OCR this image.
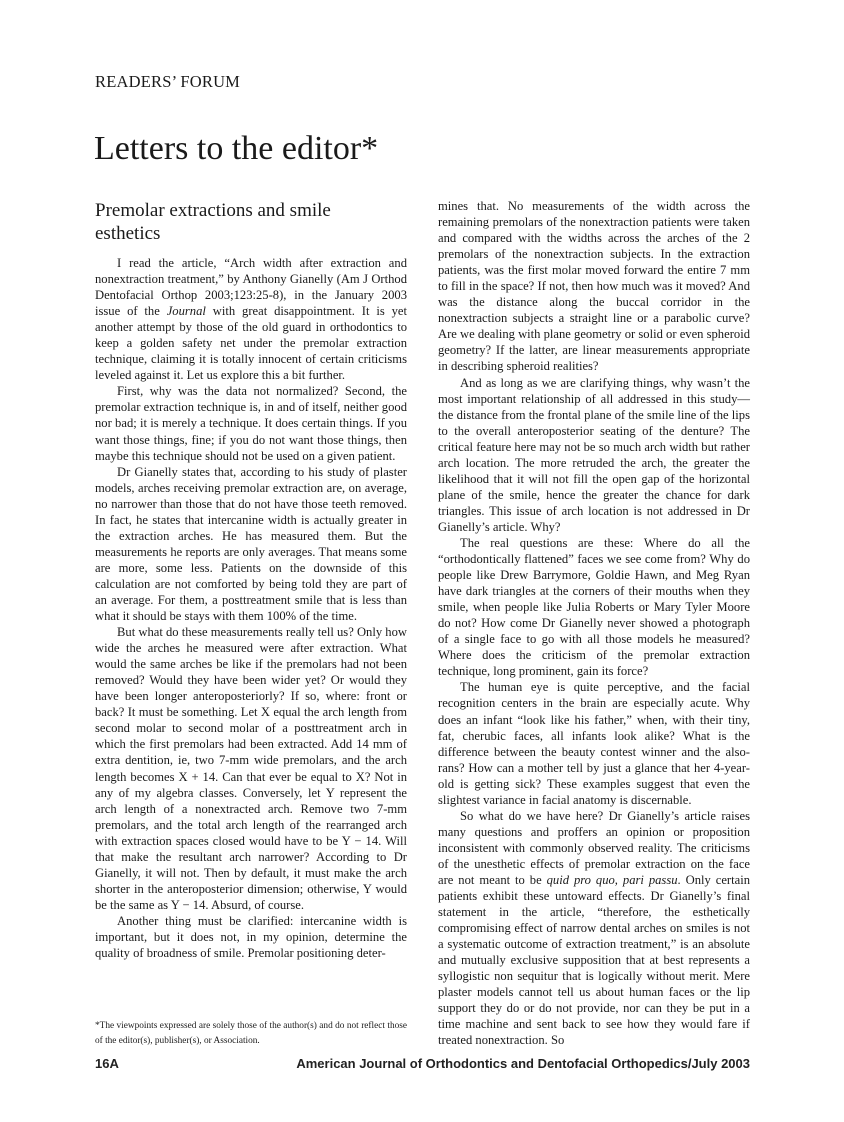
READERS’ FORUM
Letters to the editor*
Premolar extractions and smile esthetics

I read the article, “Arch width after extraction and nonextraction treatment,” by Anthony Gianelly (Am J Orthod Dentofacial Orthop 2003;123:25-8), in the January 2003 issue of the Journal with great disappointment. It is yet another attempt by those of the old guard in orthodontics to keep a golden safety net under the premolar extraction technique, claiming it is totally innocent of certain criticisms leveled against it. Let us explore this a bit further.

First, why was the data not normalized? Second, the premolar extraction technique is, in and of itself, neither good nor bad; it is merely a technique. It does certain things. If you want those things, fine; if you do not want those things, then maybe this technique should not be used on a given patient.

Dr Gianelly states that, according to his study of plaster models, arches receiving premolar extraction are, on average, no narrower than those that do not have those teeth removed. In fact, he states that intercanine width is actually greater in the extraction arches. He has measured them. But the measurements he reports are only averages. That means some are more, some less. Patients on the downside of this calculation are not comforted by being told they are part of an average. For them, a posttreatment smile that is less than what it should be stays with them 100% of the time.

But what do these measurements really tell us? Only how wide the arches he measured were after extraction. What would the same arches be like if the premolars had not been removed? Would they have been wider yet? Or would they have been longer anteroposteriorly? If so, where: front or back? It must be something. Let X equal the arch length from second molar to second molar of a posttreatment arch in which the first premolars had been extracted. Add 14 mm of extra dentition, ie, two 7-mm wide premolars, and the arch length becomes X + 14. Can that ever be equal to X? Not in any of my algebra classes. Conversely, let Y represent the arch length of a nonextracted arch. Remove two 7-mm premolars, and the total arch length of the rearranged arch with extraction spaces closed would have to be Y − 14. Will that make the resultant arch narrower? According to Dr Gianelly, it will not. Then by default, it must make the arch shorter in the anteroposterior dimension; otherwise, Y would be the same as Y − 14. Absurd, of course.

Another thing must be clarified: intercanine width is important, but it does not, in my opinion, determine the quality of broadness of smile. Premolar positioning deter-

*The viewpoints expressed are solely those of the author(s) and do not reflect those of the editor(s), publisher(s), or Association.

mines that. No measurements of the width across the remaining premolars of the nonextraction patients were taken and compared with the widths across the arches of the 2 premolars of the nonextraction subjects. In the extraction patients, was the first molar moved forward the entire 7 mm to fill in the space? If not, then how much was it moved? And was the distance along the buccal corridor in the nonextraction subjects a straight line or a parabolic curve? Are we dealing with plane geometry or solid or even spheroid geometry? If the latter, are linear measurements appropriate in describing spheroid realities?

And as long as we are clarifying things, why wasn’t the most important relationship of all addressed in this study—the distance from the frontal plane of the smile line of the lips to the overall anteroposterior seating of the denture? The critical feature here may not be so much arch width but rather arch location. The more retruded the arch, the greater the likelihood that it will not fill the open gap of the horizontal plane of the smile, hence the greater the chance for dark triangles. This issue of arch location is not addressed in Dr Gianelly’s article. Why?

The real questions are these: Where do all the “orthodontically flattened” faces we see come from? Why do people like Drew Barrymore, Goldie Hawn, and Meg Ryan have dark triangles at the corners of their mouths when they smile, when people like Julia Roberts or Mary Tyler Moore do not? How come Dr Gianelly never showed a photograph of a single face to go with all those models he measured? Where does the criticism of the premolar extraction technique, long prominent, gain its force?

The human eye is quite perceptive, and the facial recognition centers in the brain are especially acute. Why does an infant “look like his father,” when, with their tiny, fat, cherubic faces, all infants look alike? What is the difference between the beauty contest winner and the also-rans? How can a mother tell by just a glance that her 4-year-old is getting sick? These examples suggest that even the slightest variance in facial anatomy is discernable.

So what do we have here? Dr Gianelly’s article raises many questions and proffers an opinion or proposition inconsistent with commonly observed reality. The criticisms of the unesthetic effects of premolar extraction on the face are not meant to be quid pro quo, pari passu. Only certain patients exhibit these untoward effects. Dr Gianelly’s final statement in the article, “therefore, the esthetically compromising effect of narrow dental arches on smiles is not a systematic outcome of extraction treatment,” is an absolute and mutually exclusive supposition that at best represents a syllogistic non sequitur that is logically without merit. Mere plaster models cannot tell us about human faces or the lip support they do or do not provide, nor can they be put in a time machine and sent back to see how they would fare if treated nonextraction. So

16A	American Journal of Orthodontics and Dentofacial Orthopedics/July 2003
